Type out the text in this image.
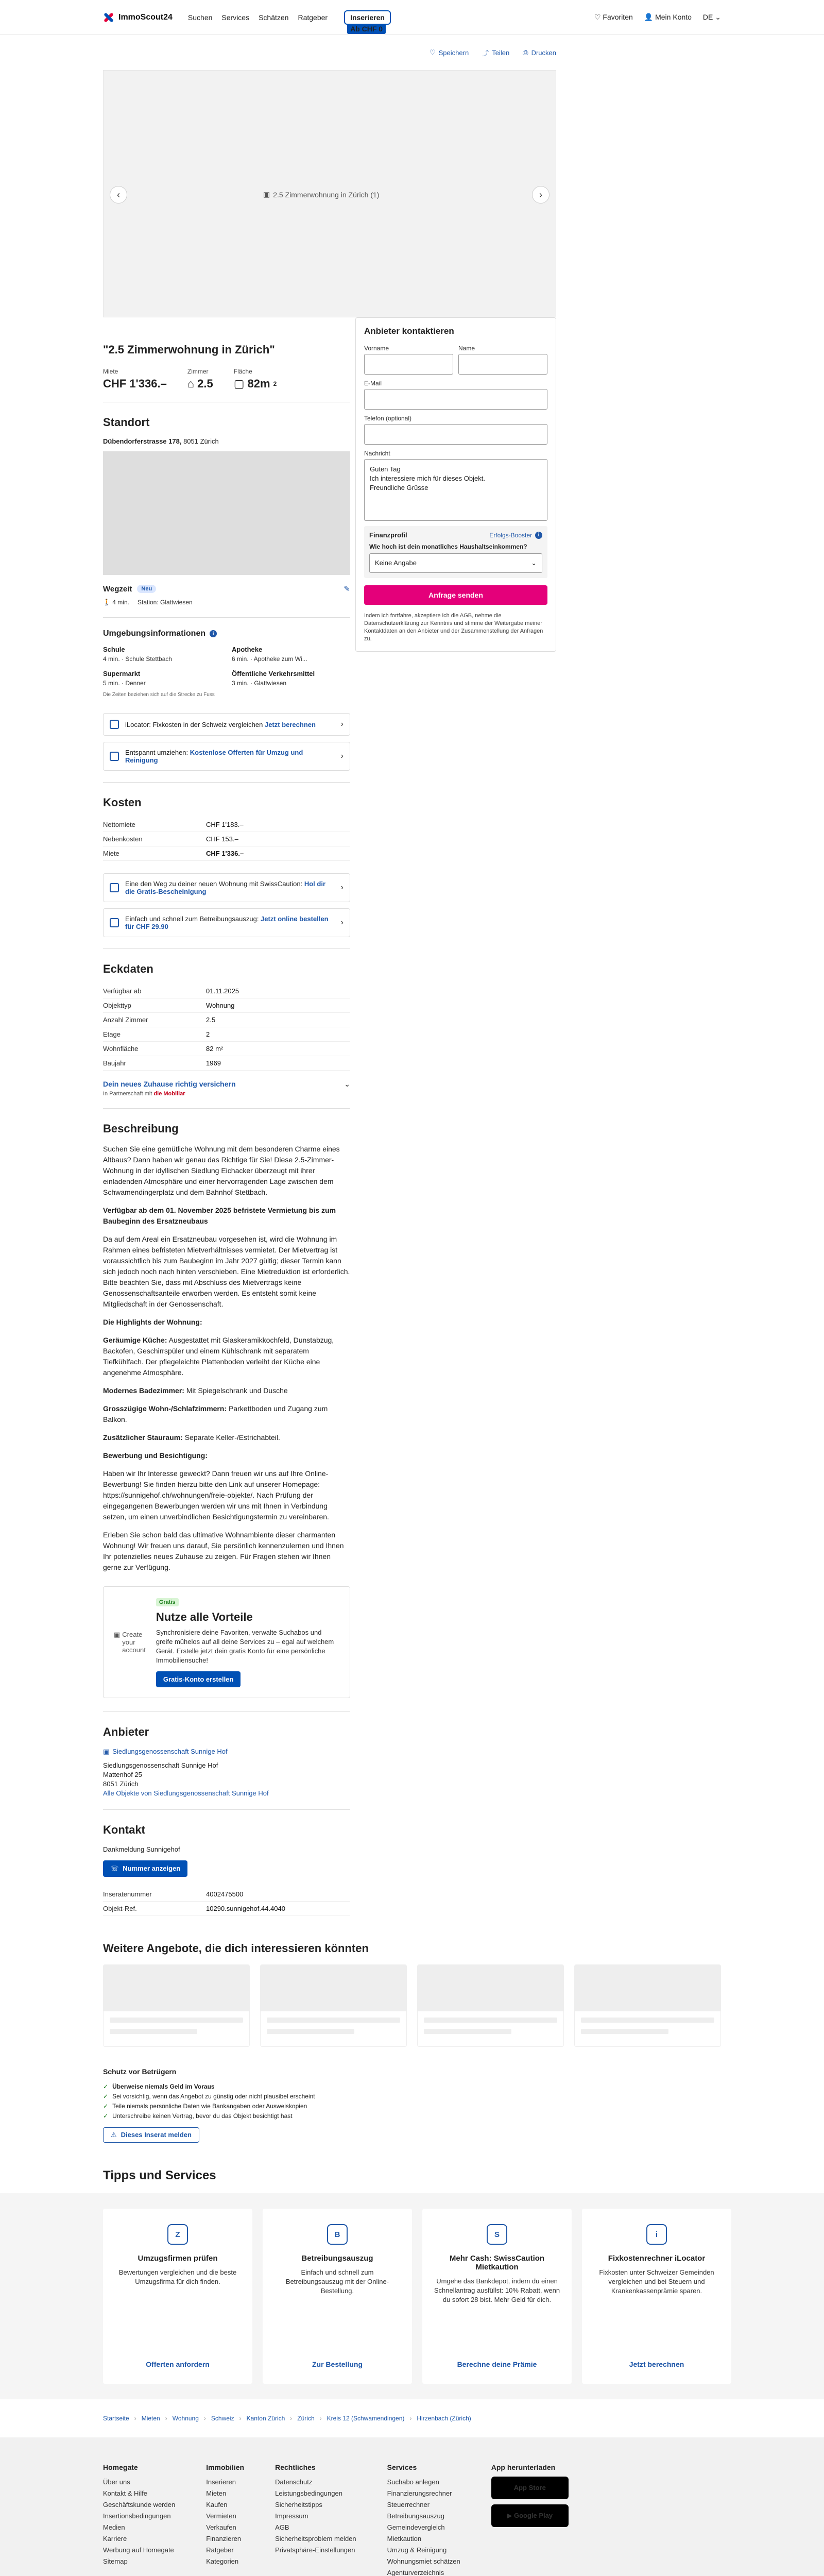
ImmoScout24 Suchen Services Schätzen Ratgeber	Inserieren
Ab CHF 0
♡ Favoriten 👤 Mein Konto DE ⌄
♡ Speichern ⤴ Teilen ⎙ Drucken
▣ 2.5 Zimmerwohnung in Zürich (1)
‹	›
"2.5 Zimmerwohnung in Zürich"
Miete
CHF 1'336.–
Zimmer
⌂ 2.5
Fläche
▢ 82m 2
Anbieter kontaktieren
Vorname	Name
E-Mail
Telefon (optional)
Nachricht
Guten Tag
Ich interessiere mich für dieses Objekt.
Freundliche Grüsse
Finanzprofil	Erfolgs-Booster	i
Wie hoch ist dein monatliches Haushaltseinkommen?
Keine Angabe	⌄
Anfrage senden
Indem ich fortfahre, akzeptiere ich die AGB, nehme die Datenschutzerklärung zur Kenntnis und stimme der Weitergabe meiner Kontaktdaten an den Anbieter und der Zusammenstellung der Anfragen zu.
Standort
Dübendorferstrasse 178, 8051 Zürich
Wegzeit	Neu	✎
🚶 4 min. Station: Glattwiesen
Umgebungsinformationen	i
Schule
4 min. · Schule Stettbach
Apotheke
6 min. · Apotheke zum Wi...
Supermarkt
5 min. · Denner
Öffentliche Verkehrsmittel
3 min. · Glattwiesen
Die Zeiten beziehen sich auf die Strecke zu Fuss
iLocator: Fixkosten in der Schweiz vergleichen Jetzt berechnen	›
Entspannt umziehen: Kostenlose Offerten für Umzug und Reinigung	›
Kosten
Nettomiete	CHF 1'183.–
Nebenkosten	CHF 153.–
Miete	CHF 1'336.–
Eine den Weg zu deiner neuen Wohnung mit SwissCaution: Hol dir die Gratis-Bescheinigung	›
Einfach und schnell zum Betreibungsauszug: Jetzt online bestellen für CHF 29.90	›
Eckdaten
Verfügbar ab	01.11.2025
Objekttyp	Wohnung
Anzahl Zimmer	2.5
Etage	2
Wohnfläche	82 m²
Baujahr	1969
Dein neues Zuhause richtig versichern	⌄
In Partnerschaft mit die Mobiliar
Beschreibung

Suchen Sie eine gemütliche Wohnung mit dem besonderen Charme eines Altbaus? Dann haben wir genau das Richtige für Sie! Diese 2.5-Zimmer-Wohnung in der idyllischen Siedlung Eichacker überzeugt mit ihrer einladenden Atmosphäre und einer hervorragenden Lage zwischen dem Schwamendingerplatz und dem Bahnhof Stettbach.

Verfügbar ab dem 01. November 2025 befristete Vermietung bis zum Baubeginn des Ersatzneubaus

Da auf dem Areal ein Ersatzneubau vorgesehen ist, wird die Wohnung im Rahmen eines befristeten Mietverhältnisses vermietet. Der Mietvertrag ist voraussichtlich bis zum Baubeginn im Jahr 2027 gültig; dieser Termin kann sich jedoch noch nach hinten verschieben. Eine Mietreduktion ist erforderlich. Bitte beachten Sie, dass mit Abschluss des Mietvertrags keine Genossenschaftsanteile erworben werden. Es entsteht somit keine Mitgliedschaft in der Genossenschaft.

Die Highlights der Wohnung:

Geräumige Küche: Ausgestattet mit Glaskeramikkochfeld, Dunstabzug, Backofen, Geschirrspüler und einem Kühlschrank mit separatem Tiefkühlfach. Der pflegeleichte Plattenboden verleiht der Küche eine angenehme Atmosphäre.

Modernes Badezimmer: Mit Spiegelschrank und Dusche

Grosszügige Wohn-/Schlafzimmern: Parkettboden und Zugang zum Balkon.

Zusätzlicher Stauraum: Separate Keller-/Estrichabteil.

Bewerbung und Besichtigung:

Haben wir Ihr Interesse geweckt? Dann freuen wir uns auf Ihre Online-Bewerbung! Sie finden hierzu bitte den Link auf unserer Homepage: https://sunnigehof.ch/wohnungen/freie-objekte/. Nach Prüfung der eingegangenen Bewerbungen werden wir uns mit Ihnen in Verbindung setzen, um einen unverbindlichen Besichtigungstermin zu vereinbaren.

Erleben Sie schon bald das ultimative Wohnambiente dieser charmanten Wohnung! Wir freuen uns darauf, Sie persönlich kennenzulernen und Ihnen Ihr potenzielles neues Zuhause zu zeigen. Für Fragen stehen wir Ihnen gerne zur Verfügung.

▣ Create your account
Gratis
Nutze alle Vorteile
Synchronisiere deine Favoriten, verwalte Suchabos und greife mühelos auf all deine Services zu – egal auf welchem Gerät. Erstelle jetzt dein gratis Konto für eine persönliche Immobiliensuche!
Gratis-Konto erstellen
Anbieter
▣ Siedlungsgenossenschaft Sunnige Hof
Siedlungsgenossenschaft Sunnige Hof
Mattenhof 25
8051 Zürich
Alle Objekte von Siedlungsgenossenschaft Sunnige Hof
Kontakt
Dankmeldung Sunnigehof
☏ Nummer anzeigen
Inseratenummer	4002475500
Objekt-Ref.	10290.sunnigehof.44.4040
Weitere Angebote, die dich interessieren könnten
Schutz vor Betrügern
✓ Überweise niemals Geld im Voraus
✓ Sei vorsichtig, wenn das Angebot zu günstig oder nicht plausibel erscheint
✓ Teile niemals persönliche Daten wie Bankangaben oder Ausweiskopien
✓ Unterschreibe keinen Vertrag, bevor du das Objekt besichtigt hast
⚠ Dieses Inserat melden
Tipps und Services
Z
Umzugsfirmen prüfen

Bewertungen vergleichen und die beste Umzugsfirma für dich finden.

Offerten anfordern
B
Betreibungsauszug

Einfach und schnell zum Betreibungsauszug mit der Online-Bestellung.

Zur Bestellung
S
Mehr Cash: SwissCaution Mietkaution

Umgehe das Bankdepot, indem du einen Schnellantrag ausfüllst: 10% Rabatt, wenn du sofort 28 bist. Mehr Geld für dich.

Berechne deine Prämie
i
Fixkostenrechner iLocator

Fixkosten unter Schweizer Gemeinden vergleichen und bei Steuern und Krankenkassenprämie sparen.

Jetzt berechnen
Startseite › Mieten › Wohnung › Schweiz › Kanton Zürich › Zürich › Kreis 12 (Schwamendingen) › Hirzenbach (Zürich)
Homegate
Über uns
Kontakt & Hilfe
Geschäftskunde werden
Insertionsbedingungen
Medien
Karriere
Werbung auf Homegate
Sitemap
Immobilien
Inserieren
Mieten
Kaufen
Vermieten
Verkaufen
Finanzieren
Ratgeber
Kategorien
Rechtliches
Datenschutz
Leistungsbedingungen
Sicherheitstipps
Impressum
AGB
Sicherheitsproblem melden
Privatsphäre-Einstellungen
Services
Suchabo anlegen
Finanzierungsrechner
Steuerrechner
Betreibungsauszug
Gemeindevergleich
Mietkaution
Umzug & Reinigung
Wohnungsmiet schätzen
Agenturverzeichnis
App herunterladen
App Store
▶
Google Play
